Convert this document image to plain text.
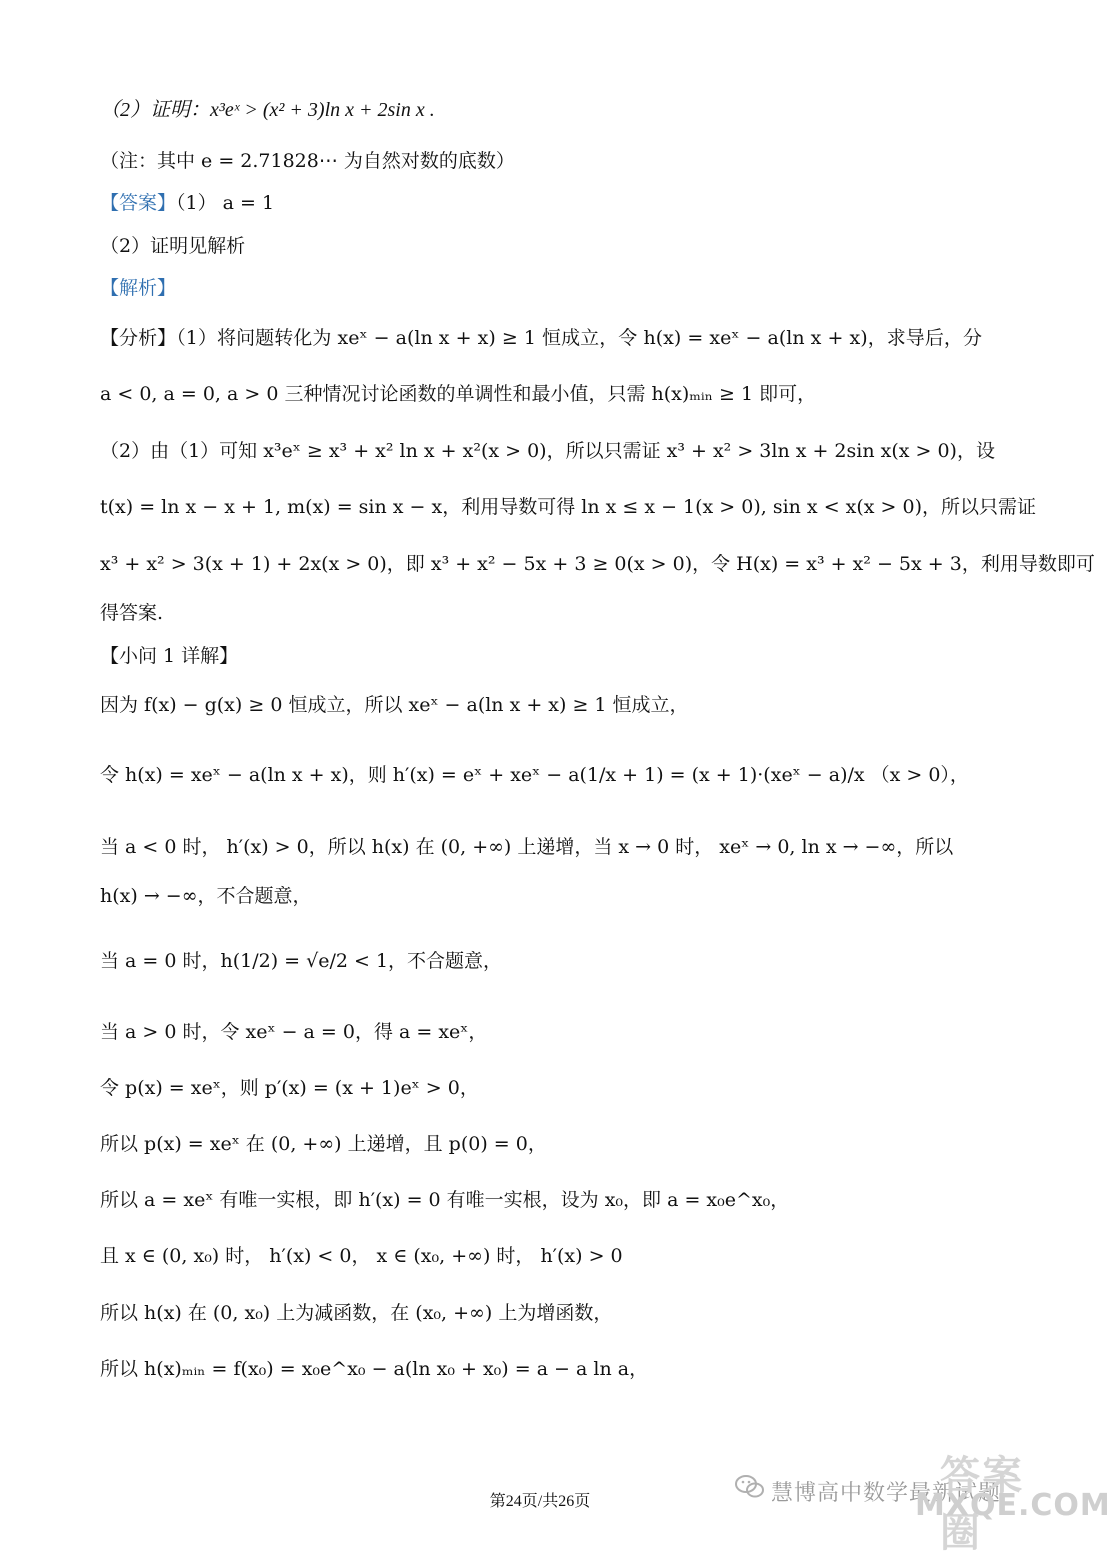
（2）证明：x³eˣ > (x² + 3)ln x + 2sin x .
（注：其中 e = 2.71828⋯ 为自然对数的底数）
【答案】（1） a = 1
（2）证明见解析
【解析】
【分析】（1）将问题转化为 xeˣ − a(ln x + x) ≥ 1 恒成立，令 h(x) = xeˣ − a(ln x + x)，求导后，分
a < 0, a = 0, a > 0 三种情况讨论函数的单调性和最小值，只需 h(x)ₘᵢₙ ≥ 1 即可，
（2）由（1）可知 x³eˣ ≥ x³ + x² ln x + x²(x > 0)，所以只需证 x³ + x² > 3ln x + 2sin x(x > 0)，设
t(x) = ln x − x + 1, m(x) = sin x − x，利用导数可得 ln x ≤ x − 1(x > 0), sin x < x(x > 0)，所以只需证
x³ + x² > 3(x + 1) + 2x(x > 0)，即 x³ + x² − 5x + 3 ≥ 0(x > 0)，令 H(x) = x³ + x² − 5x + 3，利用导数即可
得答案.
【小问 1 详解】
因为 f(x) − g(x) ≥ 0 恒成立，所以 xeˣ − a(ln x + x) ≥ 1 恒成立，
令 h(x) = xeˣ − a(ln x + x)，则 h′(x) = eˣ + xeˣ − a(1/x + 1) = (x + 1)·(xeˣ − a)/x （x > 0），
当 a < 0 时， h′(x) > 0，所以 h(x) 在 (0, +∞) 上递增，当 x → 0 时， xeˣ → 0, ln x → −∞，所以
h(x) → −∞，不合题意，
当 a = 0 时，h(1/2) = √e/2 < 1，不合题意，
当 a > 0 时，令 xeˣ − a = 0，得 a = xeˣ，
令 p(x) = xeˣ，则 p′(x) = (x + 1)eˣ > 0，
所以 p(x) = xeˣ 在 (0, +∞) 上递增，且 p(0) = 0，
所以 a = xeˣ 有唯一实根，即 h′(x) = 0 有唯一实根，设为 x₀，即 a = x₀e^x₀，
且 x ∈ (0, x₀) 时， h′(x) < 0， x ∈ (x₀, +∞) 时， h′(x) > 0
所以 h(x) 在 (0, x₀) 上为减函数，在 (x₀, +∞) 上为增函数，
所以 h(x)ₘᵢₙ = f(x₀) = x₀e^x₀ − a(ln x₀ + x₀) = a − a ln a，
第24页/共26页	慧博高中数学最新试题
答案圈
MXQE.COM
